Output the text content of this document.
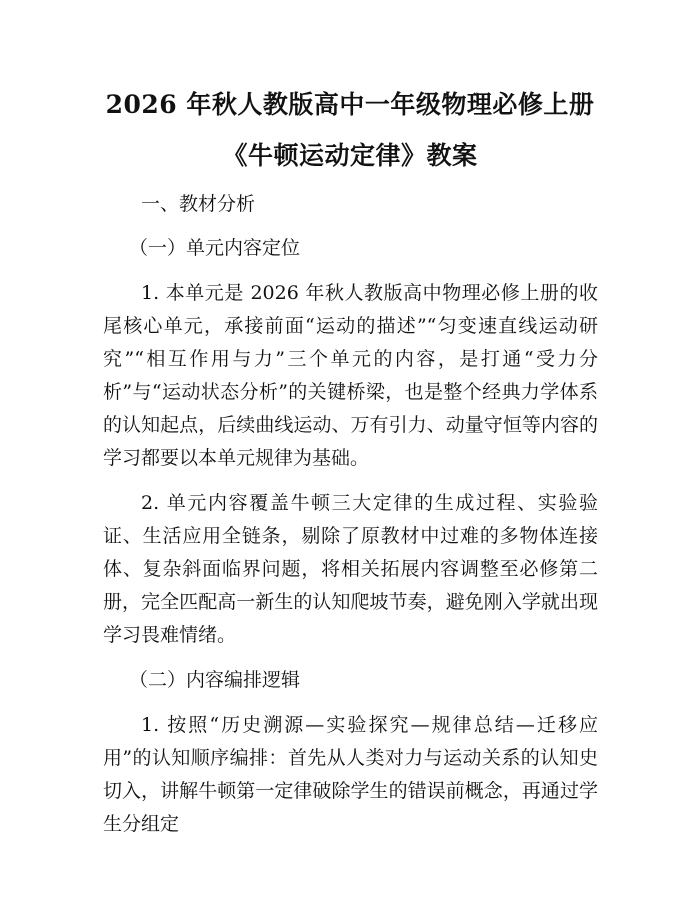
2026 年秋人教版高中一年级物理必修上册
《牛顿运动定律》教案

一、教材分析

（一）单元内容定位

1. 本单元是 2026 年秋人教版高中物理必修上册的收尾核心单元，承接前面“运动的描述”“匀变速直线运动研究”“相互作用与力”三个单元的内容，是打通“受力分析”与“运动状态分析”的关键桥梁，也是整个经典力学体系的认知起点，后续曲线运动、万有引力、动量守恒等内容的学习都要以本单元规律为基础。

2. 单元内容覆盖牛顿三大定律的生成过程、实验验证、生活应用全链条，剔除了原教材中过难的多物体连接体、复杂斜面临界问题，将相关拓展内容调整至必修第二册，完全匹配高一新生的认知爬坡节奏，避免刚入学就出现学习畏难情绪。

（二）内容编排逻辑

1. 按照“历史溯源—实验探究—规律总结—迁移应用”的认知顺序编排：首先从人类对力与运动关系的认知史切入，讲解牛顿第一定律破除学生的错误前概念，再通过学生分组定
